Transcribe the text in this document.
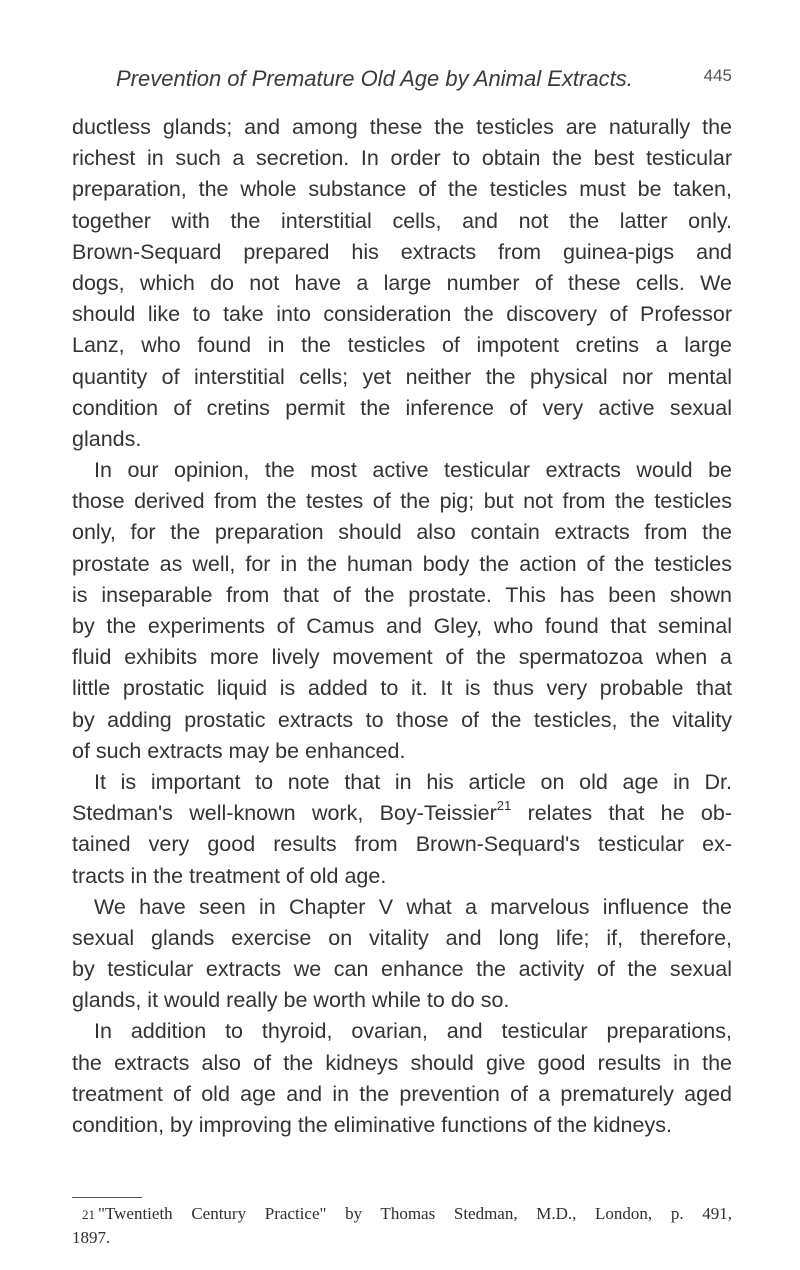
Prevention of Premature Old Age by Animal Extracts.	445
ductless glands; and among these the testicles are naturally the
richest in such a secretion. In order to obtain the best testicular
preparation, the whole substance of the testicles must be taken,
together with the interstitial cells, and not the latter only.
Brown-Sequard prepared his extracts from guinea-pigs and
dogs, which do not have a large number of these cells. We
should like to take into consideration the discovery of Professor
Lanz, who found in the testicles of impotent cretins a large
quantity of interstitial cells; yet neither the physical nor mental
condition of cretins permit the inference of very active sexual
glands.
In our opinion, the most active testicular extracts would be
those derived from the testes of the pig; but not from the testicles
only, for the preparation should also contain extracts from the
prostate as well, for in the human body the action of the testicles
is inseparable from that of the prostate. This has been shown
by the experiments of Camus and Gley, who found that seminal
fluid exhibits more lively movement of the spermatozoa when a
little prostatic liquid is added to it. It is thus very probable that
by adding prostatic extracts to those of the testicles, the vitality
of such extracts may be enhanced.
It is important to note that in his article on old age in Dr.
Stedman's well-known work, Boy-Teissier$^{21}$ relates that he ob-
tained very good results from Brown-Sequard's testicular ex-
tracts in the treatment of old age.
We have seen in Chapter V what a marvelous influence the
sexual glands exercise on vitality and long life; if, therefore,
by testicular extracts we can enhance the activity of the sexual
glands, it would really be worth while to do so.
In addition to thyroid, ovarian, and testicular preparations,
the extracts also of the kidneys should give good results in the
treatment of old age and in the prevention of a prematurely aged
condition, by improving the eliminative functions of the kidneys.
21 "Twentieth Century Practice" by Thomas Stedman, M.D., London, p. 491,
1897.
